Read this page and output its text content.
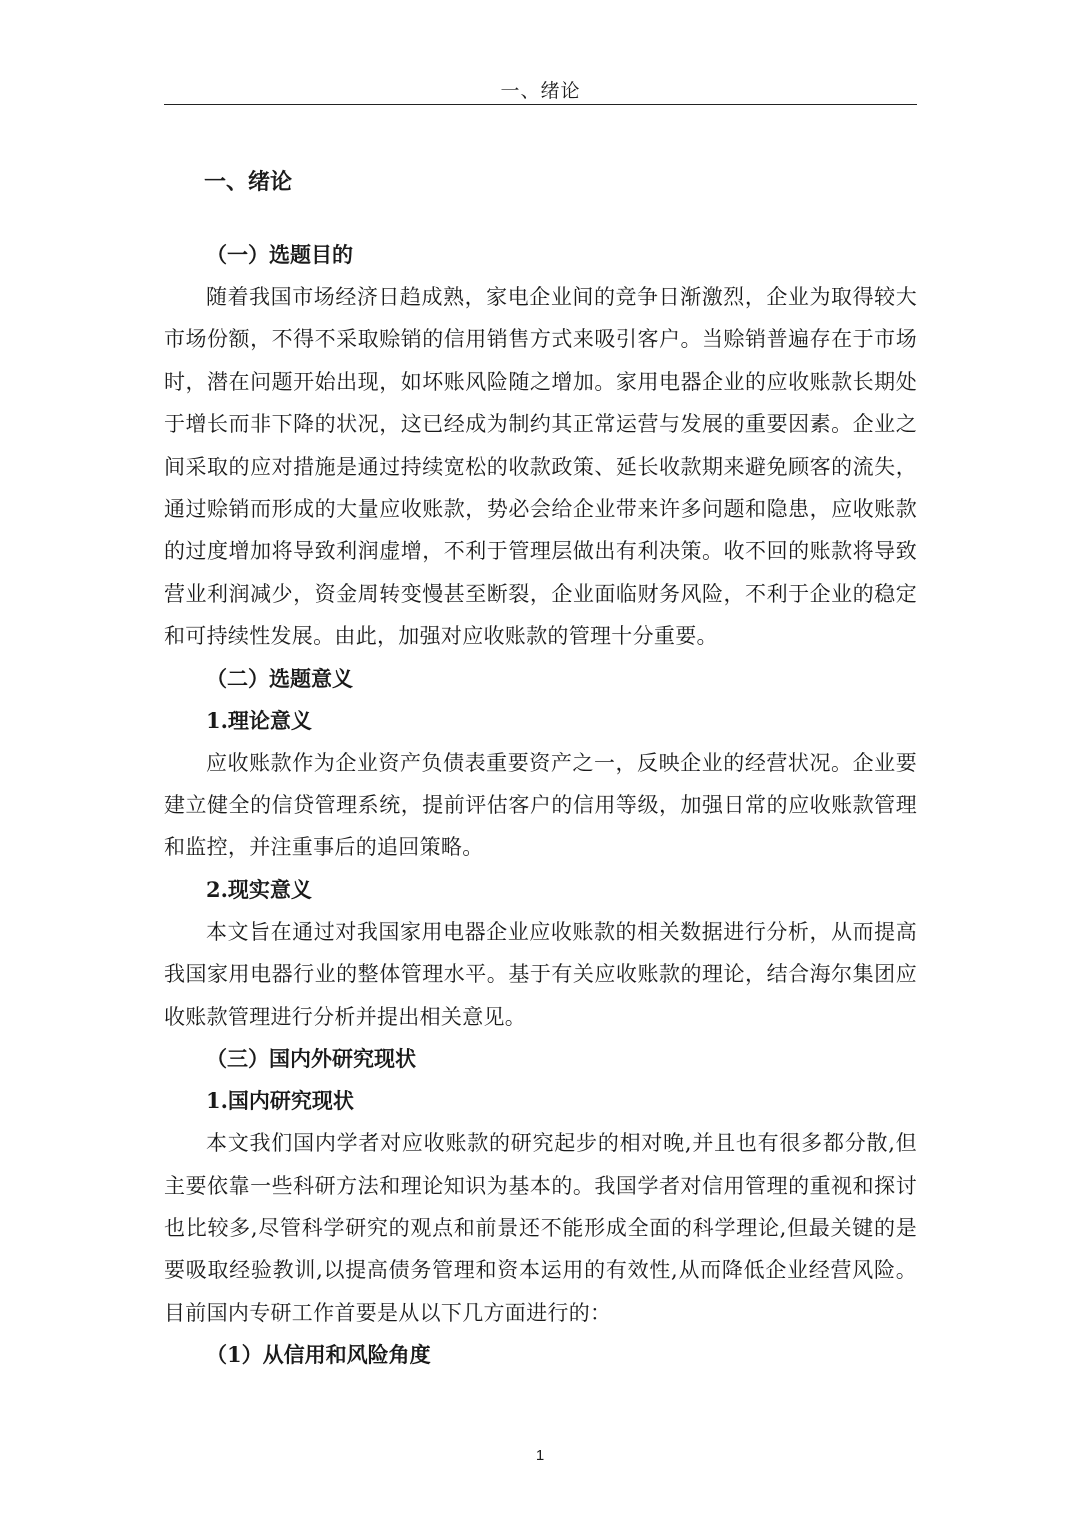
一、绪论
一、绪论
（一）选题目的

随着我国市场经济日趋成熟，家电企业间的竞争日渐激烈，企业为取得较大市场份额，不得不采取赊销的信用销售方式来吸引客户。当赊销普遍存在于市场时，潜在问题开始出现，如坏账风险随之增加。家用电器企业的应收账款长期处于增长而非下降的状况，这已经成为制约其正常运营与发展的重要因素。企业之间采取的应对措施是通过持续宽松的收款政策、延长收款期来避免顾客的流失，通过赊销而形成的大量应收账款，势必会给企业带来许多问题和隐患，应收账款的过度增加将导致利润虚增，不利于管理层做出有利决策。收不回的账款将导致营业利润减少，资金周转变慢甚至断裂，企业面临财务风险，不利于企业的稳定和可持续性发展。由此，加强对应收账款的管理十分重要。

（二）选题意义
1.理论意义

应收账款作为企业资产负债表重要资产之一，反映企业的经营状况。企业要建立健全的信贷管理系统，提前评估客户的信用等级，加强日常的应收账款管理和监控，并注重事后的追回策略。

2.现实意义

本文旨在通过对我国家用电器企业应收账款的相关数据进行分析，从而提高我国家用电器行业的整体管理水平。基于有关应收账款的理论，结合海尔集团应收账款管理进行分析并提出相关意见。

（三）国内外研究现状
1.国内研究现状

本文我们国内学者对应收账款的研究起步的相对晚,并且也有很多都分散,但主要依靠一些科研方法和理论知识为基本的。我国学者对信用管理的重视和探讨也比较多,尽管科学研究的观点和前景还不能形成全面的科学理论,但最关键的是要吸取经验教训,以提高债务管理和资本运用的有效性,从而降低企业经营风险。目前国内专研工作首要是从以下几方面进行的：

（1）从信用和风险角度
1
